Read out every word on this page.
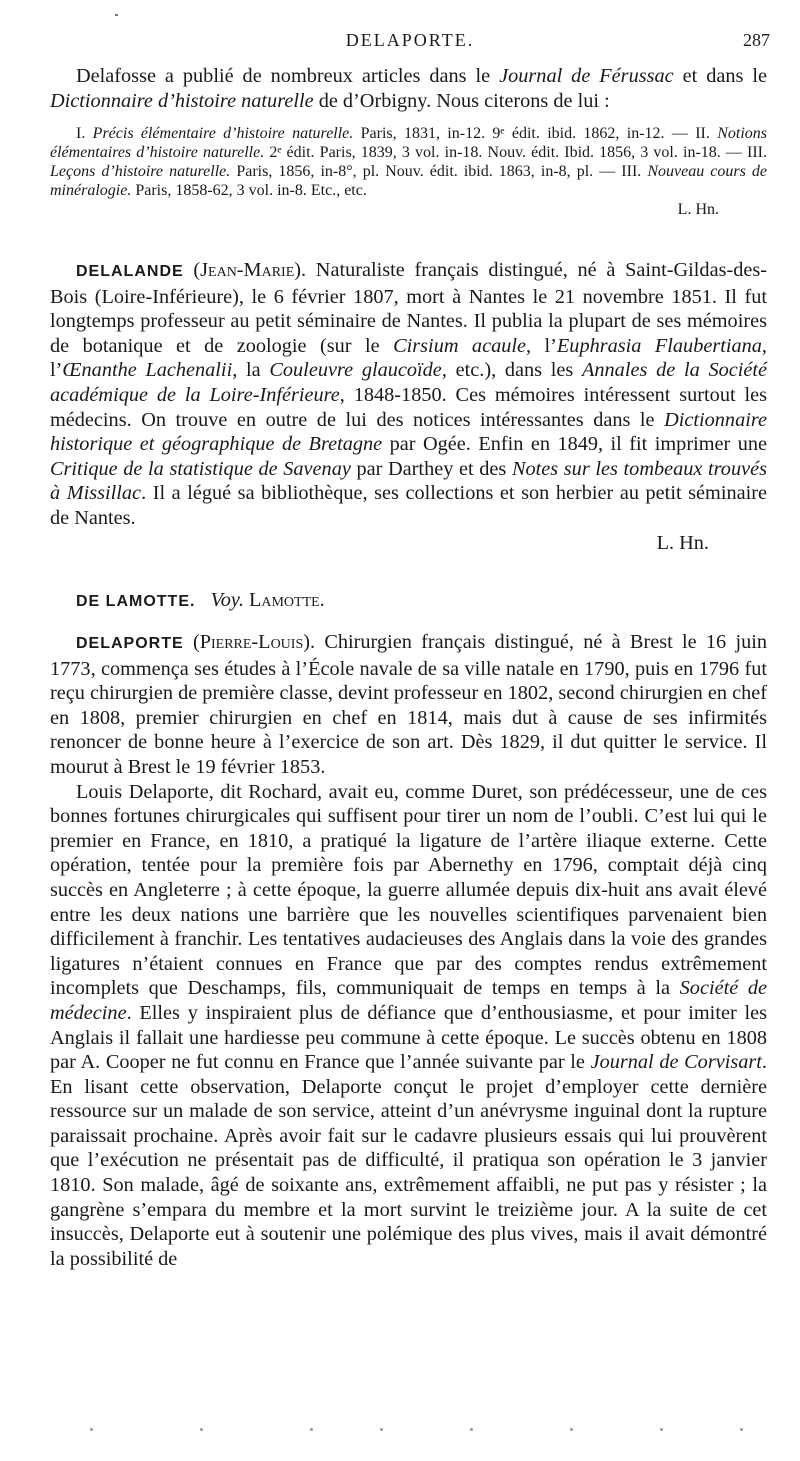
DELAPORTE.	287

Delafosse a publié de nombreux articles dans le Journal de Férussac et dans le Dictionnaire d’histoire naturelle de d’Orbigny. Nous citerons de lui :

I. Précis élémentaire d’histoire naturelle. Paris, 1831, in-12. 9ᵉ édit. ibid. 1862, in-12. — II. Notions élémentaires d’histoire naturelle. 2ᵉ édit. Paris, 1839, 3 vol. in-18. Nouv. édit. Ibid. 1856, 3 vol. in-18. — III. Leçons d’histoire naturelle. Paris, 1856, in-8°, pl. Nouv. édit. ibid. 1863, in-8, pl. — III. Nouveau cours de minéralogie. Paris, 1858-62, 3 vol. in-8. Etc., etc.

L. Hn.

DELALANDE (Jean-Marie). Naturaliste français distingué, né à Saint-Gildas-des-Bois (Loire-Inférieure), le 6 février 1807, mort à Nantes le 21 novembre 1851. Il fut longtemps professeur au petit séminaire de Nantes. Il publia la plupart de ses mémoires de botanique et de zoologie (sur le Cirsium acaule, l’Euphrasia Flaubertiana, l’Œnanthe Lachenalii, la Couleuvre glaucoïde, etc.), dans les Annales de la Société académique de la Loire-Inférieure, 1848-1850. Ces mémoires intéressent surtout les médecins. On trouve en outre de lui des notices intéressantes dans le Dictionnaire historique et géographique de Bretagne par Ogée. Enfin en 1849, il fit imprimer une Critique de la statistique de Savenay par Darthey et des Notes sur les tombeaux trouvés à Missillac. Il a légué sa bibliothèque, ses collections et son herbier au petit séminaire de Nantes.

L. Hn.

DE LAMOTTE. Voy. Lamotte.

DELAPORTE (Pierre-Louis). Chirurgien français distingué, né à Brest le 16 juin 1773, commença ses études à l’École navale de sa ville natale en 1790, puis en 1796 fut reçu chirurgien de première classe, devint professeur en 1802, second chirurgien en chef en 1808, premier chirurgien en chef en 1814, mais dut à cause de ses infirmités renoncer de bonne heure à l’exercice de son art. Dès 1829, il dut quitter le service. Il mourut à Brest le 19 février 1853.

Louis Delaporte, dit Rochard, avait eu, comme Duret, son prédécesseur, une de ces bonnes fortunes chirurgicales qui suffisent pour tirer un nom de l’oubli. C’est lui qui le premier en France, en 1810, a pratiqué la ligature de l’artère iliaque externe. Cette opération, tentée pour la première fois par Abernethy en 1796, comptait déjà cinq succès en Angleterre ; à cette époque, la guerre allumée depuis dix-huit ans avait élevé entre les deux nations une barrière que les nouvelles scientifiques parvenaient bien difficilement à franchir. Les tentatives audacieuses des Anglais dans la voie des grandes ligatures n’étaient connues en France que par des comptes rendus extrêmement incomplets que Deschamps, fils, communiquait de temps en temps à la Société de médecine. Elles y inspiraient plus de défiance que d’enthousiasme, et pour imiter les Anglais il fallait une hardiesse peu commune à cette époque. Le succès obtenu en 1808 par A. Cooper ne fut connu en France que l’année suivante par le Journal de Corvisart. En lisant cette observation, Delaporte conçut le projet d’employer cette dernière ressource sur un malade de son service, atteint d’un anévrysme inguinal dont la rupture paraissait prochaine. Après avoir fait sur le cadavre plusieurs essais qui lui prouvèrent que l’exécution ne présentait pas de difficulté, il pratiqua son opération le 3 janvier 1810. Son malade, âgé de soixante ans, extrêmement affaibli, ne put pas y résister ; la gangrène s’empara du membre et la mort survint le treizième jour. A la suite de cet insuccès, Delaporte eut à soutenir une polémique des plus vives, mais il avait démontré la possibilité de
